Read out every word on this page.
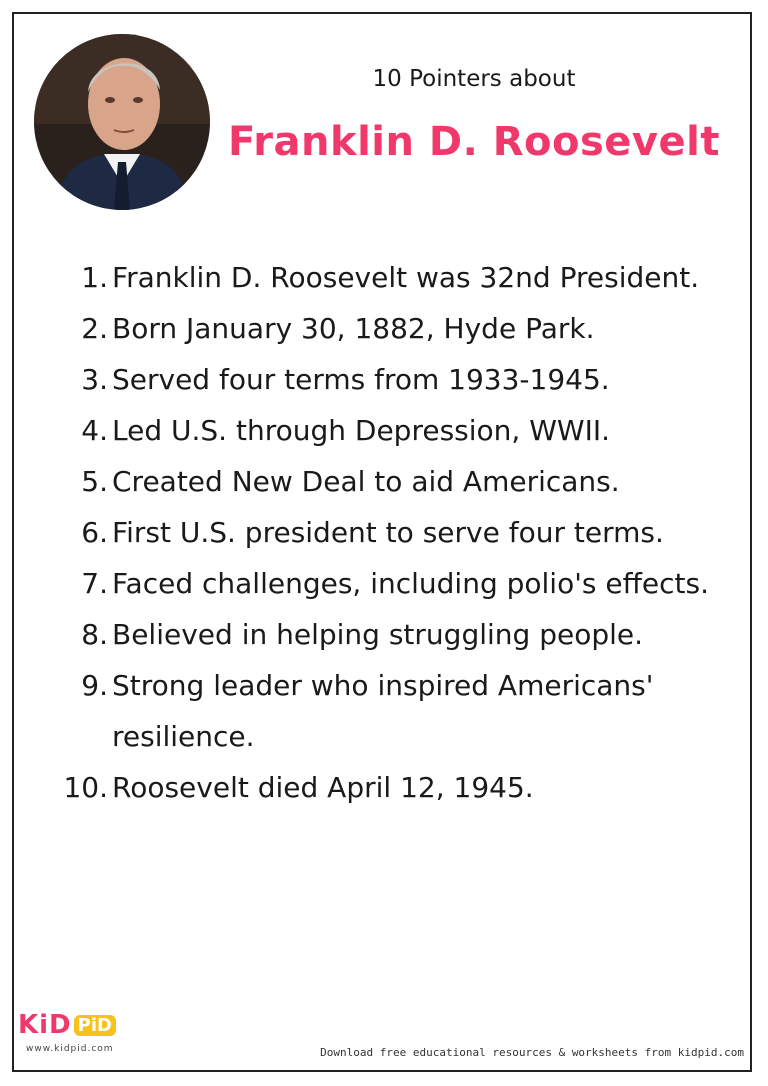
10 Pointers about
Franklin D. Roosevelt
1. Franklin D. Roosevelt was 32nd President.
2. Born January 30, 1882, Hyde Park.
3. Served four terms from 1933-1945.
4. Led U.S. through Depression, WWII.
5. Created New Deal to aid Americans.
6. First U.S. president to serve four terms.
7. Faced challenges, including polio's effects.
8. Believed in helping struggling people.
9. Strong leader who inspired Americans' resilience.
10. Roosevelt died April 12, 1945.
KiD PiD
www.kidpid.com	Download free educational resources & worksheets from kidpid.com
